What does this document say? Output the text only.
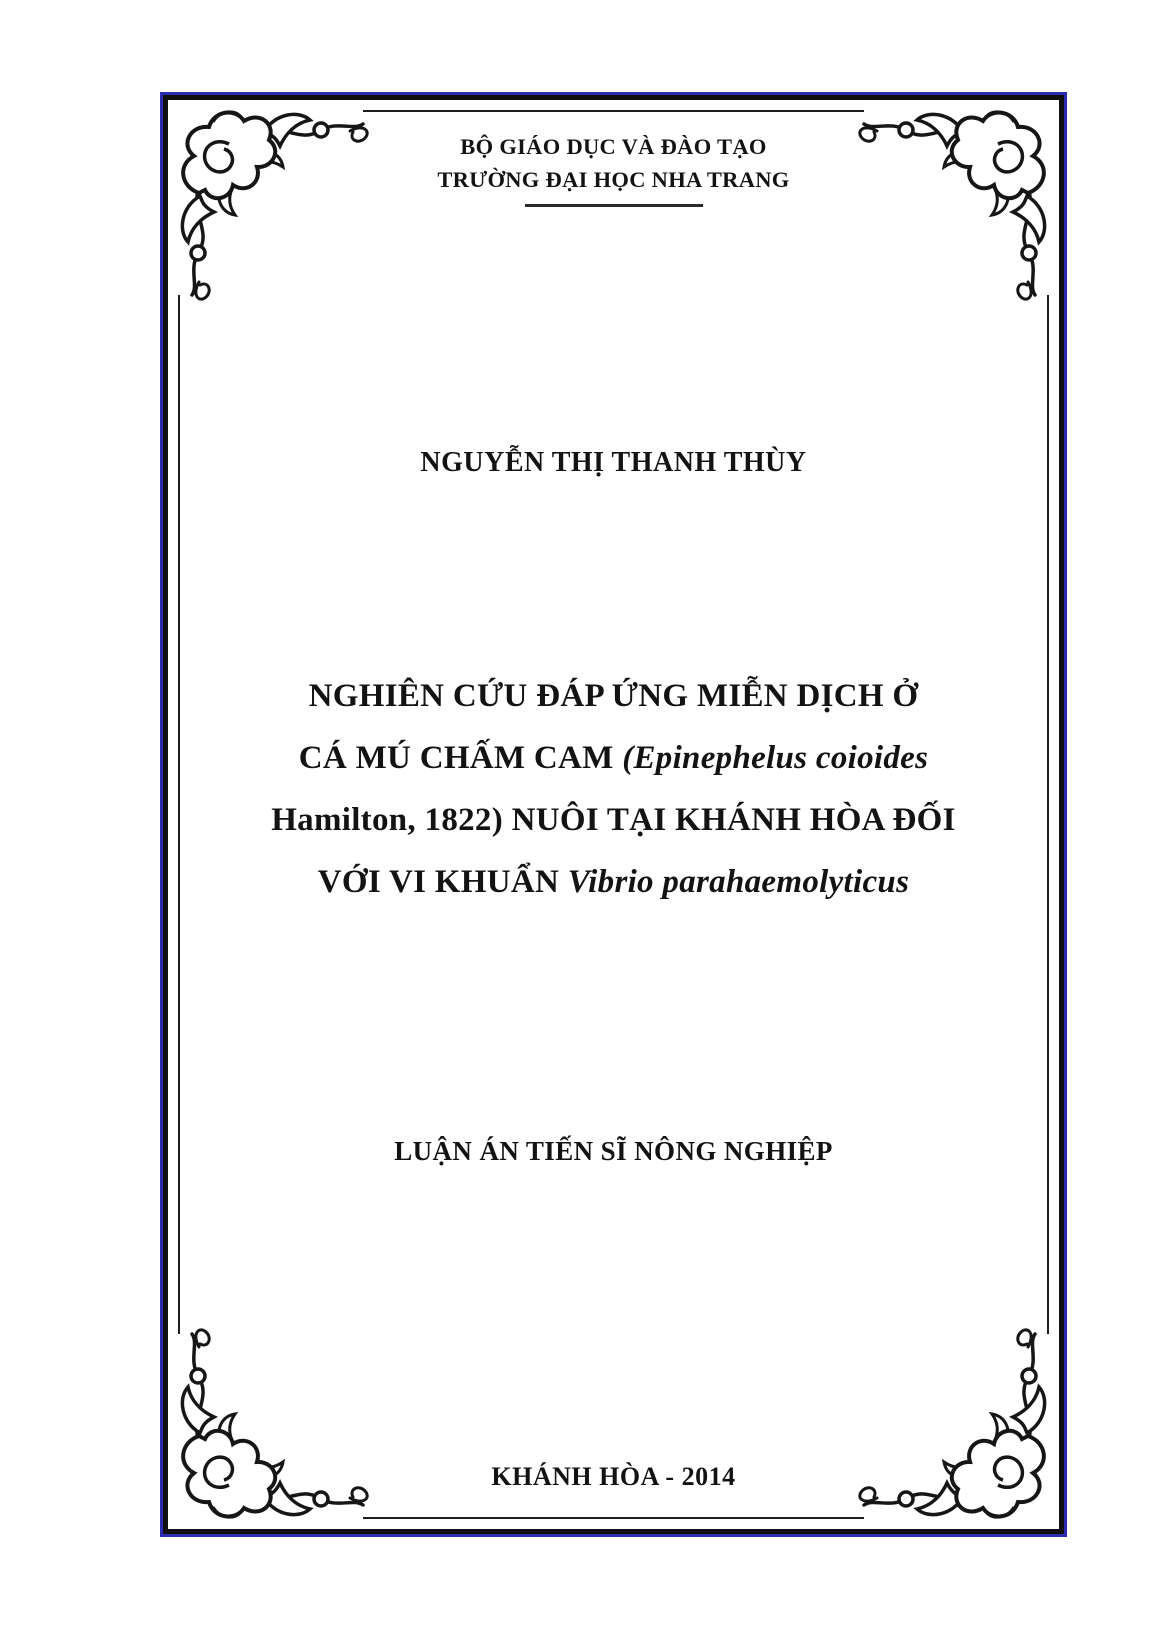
BỘ GIÁO DỤC VÀ ĐÀO TẠO
TRƯỜNG ĐẠI HỌC NHA TRANG
NGUYỄN THỊ THANH THÙY
NGHIÊN CỨU ĐÁP ỨNG MIỄN DỊCH Ở
CÁ MÚ CHẤM CAM (Epinephelus coioides
Hamilton, 1822) NUÔI TẠI KHÁNH HÒA ĐỐI
VỚI VI KHUẨN Vibrio parahaemolyticus
LUẬN ÁN TIẾN SĨ NÔNG NGHIỆP
KHÁNH HÒA - 2014
